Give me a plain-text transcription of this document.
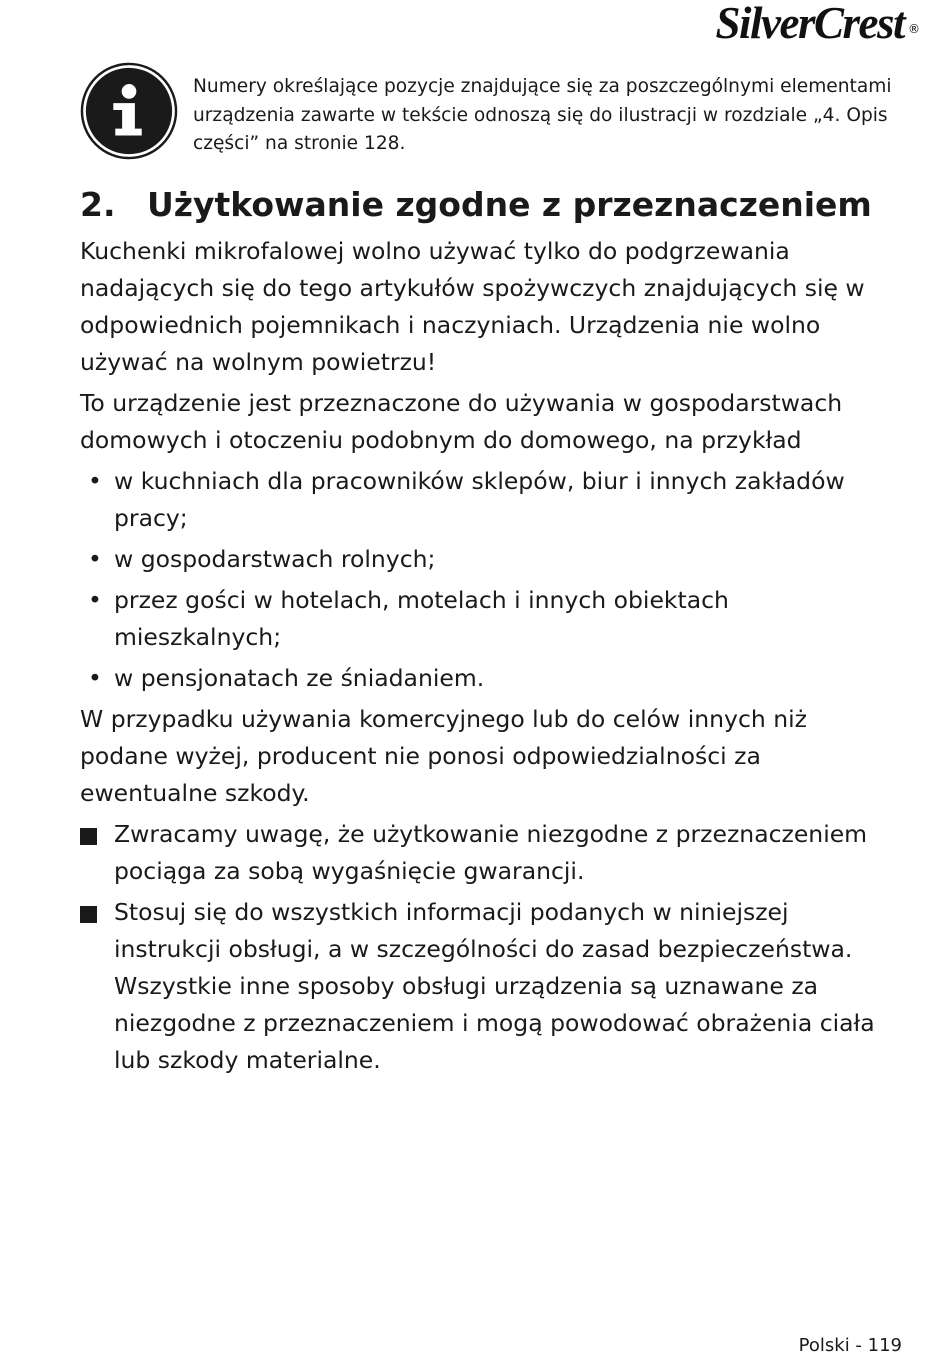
SilverCrest ®
Numery określające pozycje znajdujące się za poszczególnymi elementami urządzenia zawarte w tekście odnoszą się do ilustracji w rozdziale „4. Opis części” na stronie 128.
2. Użytkowanie zgodne z przeznaczeniem

Kuchenki mikrofalowej wolno używać tylko do podgrzewania nadających się do tego artykułów spożywczych znajdujących się w odpowiednich pojemnikach i naczyniach. Urządzenia nie wolno używać na wolnym powietrzu!

To urządzenie jest przeznaczone do używania w gospodarstwach domowych i otoczeniu podobnym do domowego, na przykład

• w kuchniach dla pracowników sklepów, biur i innych zakładów pracy;
• w gospodarstwach rolnych;
• przez gości w hotelach, motelach i innych obiektach mieszkalnych;
• w pensjonatach ze śniadaniem.

W przypadku używania komercyjnego lub do celów innych niż podane wyżej, producent nie ponosi odpowiedzialności za ewentualne szkody.

Zwracamy uwagę, że użytkowanie niezgodne z przeznaczeniem pociąga za sobą wygaśnięcie gwarancji.
Stosuj się do wszystkich informacji podanych w niniejszej instrukcji obsługi, a w szczególności do zasad bezpieczeństwa. Wszystkie inne sposoby obsługi urządzenia są uznawane za niezgodne z przeznaczeniem i mogą powodować obrażenia ciała lub szkody materialne.
Polski - 119
